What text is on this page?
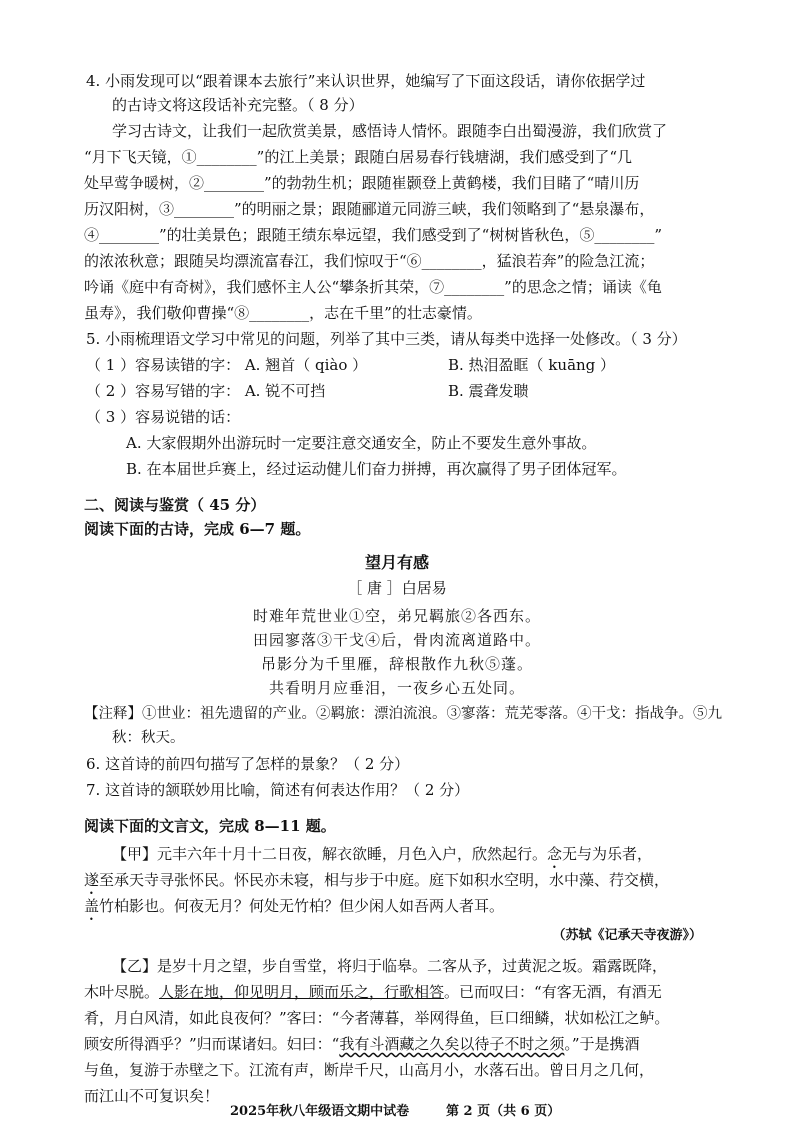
4. 小雨发现可以“跟着课本去旅行”来认识世界，她编写了下面这段话，请你依据学过
的古诗文将这段话补充完整。（ 8 分）
学习古诗文，让我们一起欣赏美景，感悟诗人情怀。跟随李白出蜀漫游，我们欣赏了
“月下飞天镜，①________”的江上美景；跟随白居易春行钱塘湖，我们感受到了“几
处早莺争暖树，②________”的勃勃生机；跟随崔颢登上黄鹤楼，我们目睹了“晴川历
历汉阳树，③________”的明丽之景；跟随郦道元同游三峡，我们领略到了“悬泉瀑布，
④________”的壮美景色；跟随王绩东皋远望，我们感受到了“树树皆秋色，⑤________”
的浓浓秋意；跟随吴均漂流富春江，我们惊叹于“⑥________，猛浪若奔”的险急江流；
吟诵《庭中有奇树》，我们感怀主人公“攀条折其荣，⑦________”的思念之情；诵读《龟
虽寿》，我们敬仰曹操“⑧________，志在千里”的壮志豪情。
5. 小雨梳理语文学习中常见的问题，列举了其中三类，请从每类中选择一处修改。（ 3 分）
（ 1 ）容易读错的字： A. 翘首（ qiào ）	B. 热泪盈眶（ kuāng ）
（ 2 ）容易写错的字： A. 锐不可挡	B. 震聋发聩
（ 3 ）容易说错的话：
A. 大家假期外出游玩时一定要注意交通安全，防止不要发生意外事故。
B. 在本届世乒赛上，经过运动健儿们奋力拼搏，再次赢得了男子团体冠军。
二、阅读与鉴赏（ 45 分）
阅读下面的古诗，完成 6—7 题。
望月有感
［ 唐 ］白居易
时难年荒世业①空，弟兄羁旅②各西东。
田园寥落③干戈④后，骨肉流离道路中。
吊影分为千里雁，辞根散作九秋⑤蓬。
共看明月应垂泪，一夜乡心五处同。
【注释】①世业：祖先遗留的产业。②羁旅：漂泊流浪。③寥落：荒芜零落。④干戈：指战争。⑤九
秋：秋天。
6. 这首诗的前四句描写了怎样的景象？（ 2 分）
7. 这首诗的颔联妙用比喻，简述有何表达作用？（ 2 分）
阅读下面的文言文，完成 8—11 题。
【甲】元丰六年十月十二日夜，解衣欲睡，月色入户，欣然起行。念无与为乐者，
遂至承天寺寻张怀民。怀民亦未寝，相与步于中庭。庭下如积水空明，水中藻、荇交横，
盖竹柏影也。何夜无月？何处无竹柏？但少闲人如吾两人者耳。
（苏轼《记承天寺夜游》）
【乙】是岁十月之望，步自雪堂，将归于临皋。二客从予，过黄泥之坂。霜露既降，
木叶尽脱。人影在地，仰见明月，顾而乐之，行歌相答。已而叹曰：“有客无酒，有酒无
肴，月白风清，如此良夜何？”客曰：“今者薄暮，举网得鱼，巨口细鳞，状如松江之鲈。
顾安所得酒乎？”归而谋诸妇。妇曰：“我有斗酒藏之久矣以待子不时之须。”于是携酒
与鱼，复游于赤壁之下。江流有声，断岸千尺，山高月小，水落石出。曾日月之几何，
而江山不可复识矣！
2025年秋八年级语文期中试卷	第 2 页（共 6 页）
